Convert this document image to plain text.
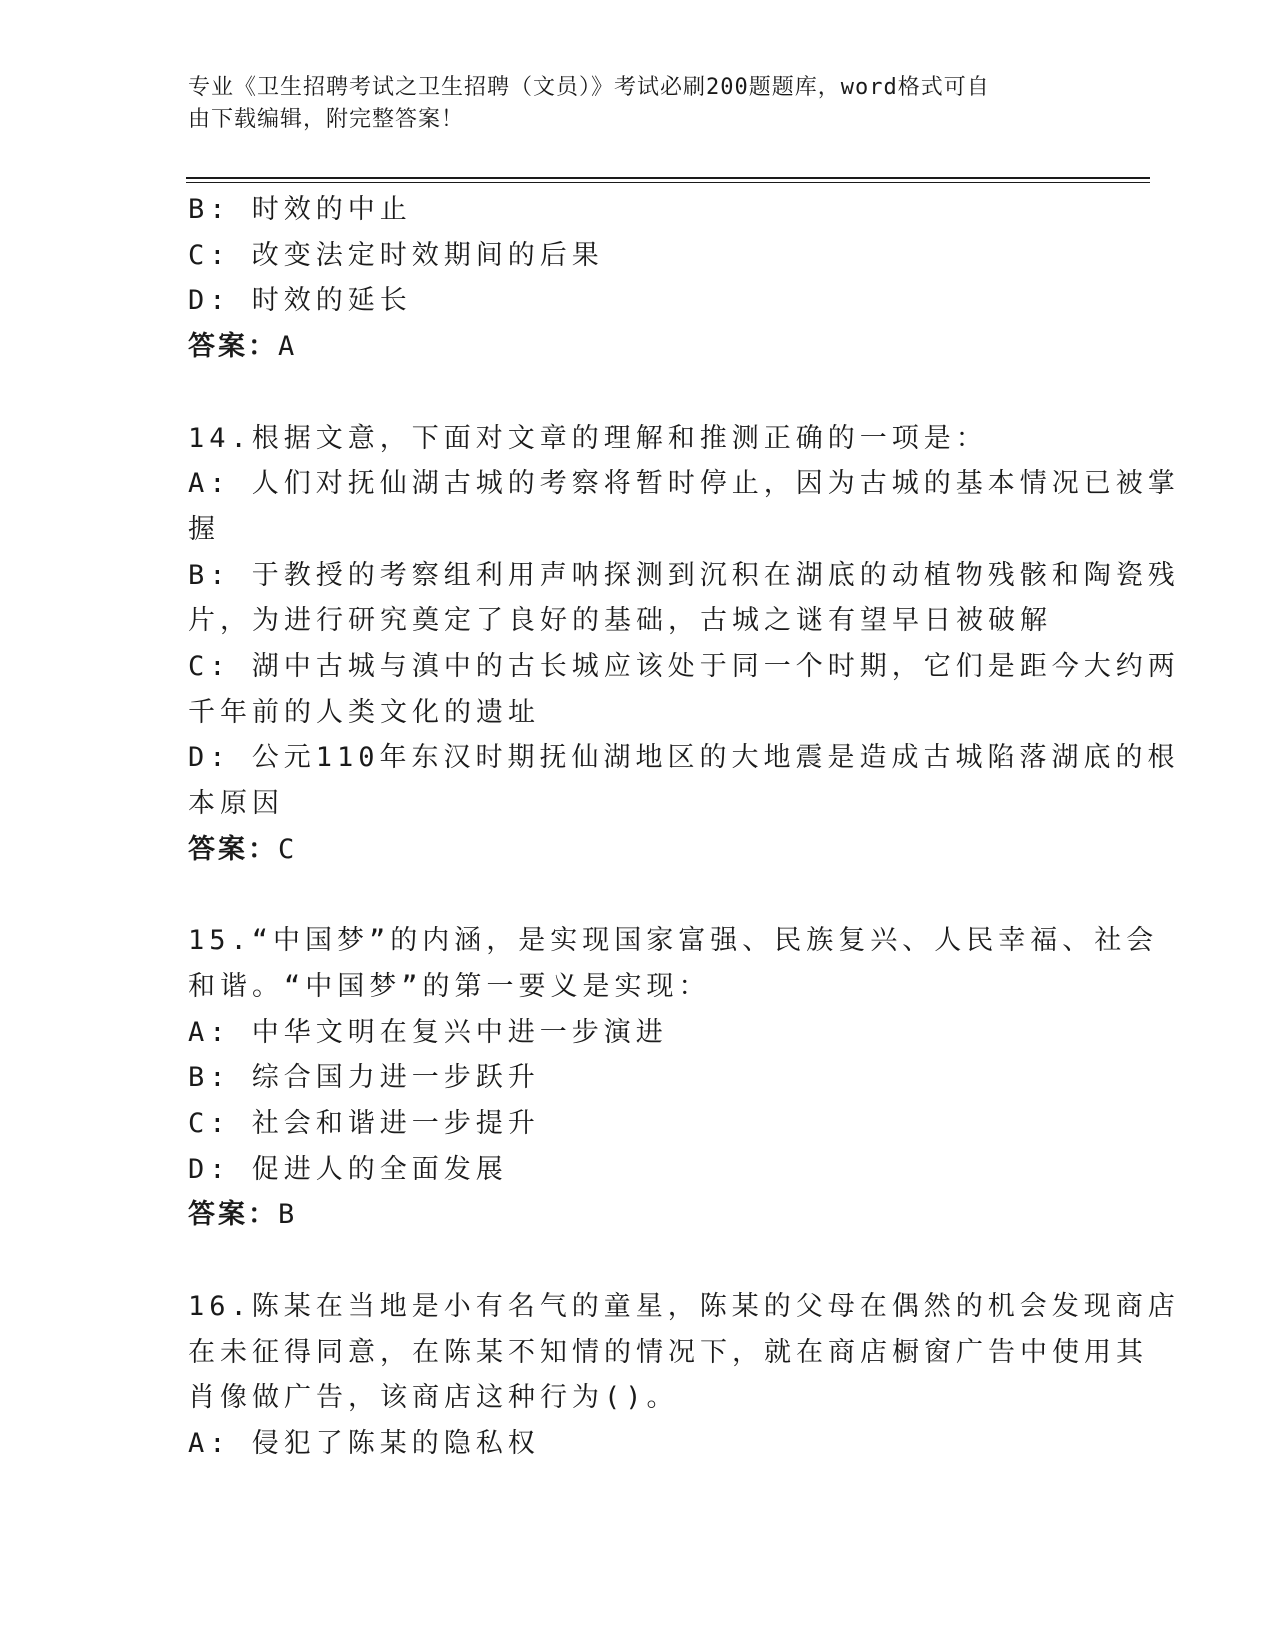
专业《卫生招聘考试之卫生招聘（文员）》考试必刷200题题库，word格式可自
由下载编辑，附完整答案！
B: 时效的中止
C: 改变法定时效期间的后果
D: 时效的延长
答案：A
14.根据文意，下面对文章的理解和推测正确的一项是：
A: 人们对抚仙湖古城的考察将暂时停止，因为古城的基本情况已被掌
握
B: 于教授的考察组利用声呐探测到沉积在湖底的动植物残骸和陶瓷残
片，为进行研究奠定了良好的基础，古城之谜有望早日被破解
C: 湖中古城与滇中的古长城应该处于同一个时期，它们是距今大约两
千年前的人类文化的遗址
D: 公元110年东汉时期抚仙湖地区的大地震是造成古城陷落湖底的根
本原因
答案：C
15.“中国梦”的内涵，是实现国家富强、民族复兴、人民幸福、社会
和谐。“中国梦”的第一要义是实现：
A: 中华文明在复兴中进一步演进
B: 综合国力进一步跃升
C: 社会和谐进一步提升
D: 促进人的全面发展
答案：B
16.陈某在当地是小有名气的童星，陈某的父母在偶然的机会发现商店
在未征得同意，在陈某不知情的情况下，就在商店橱窗广告中使用其
肖像做广告，该商店这种行为()。
A: 侵犯了陈某的隐私权
